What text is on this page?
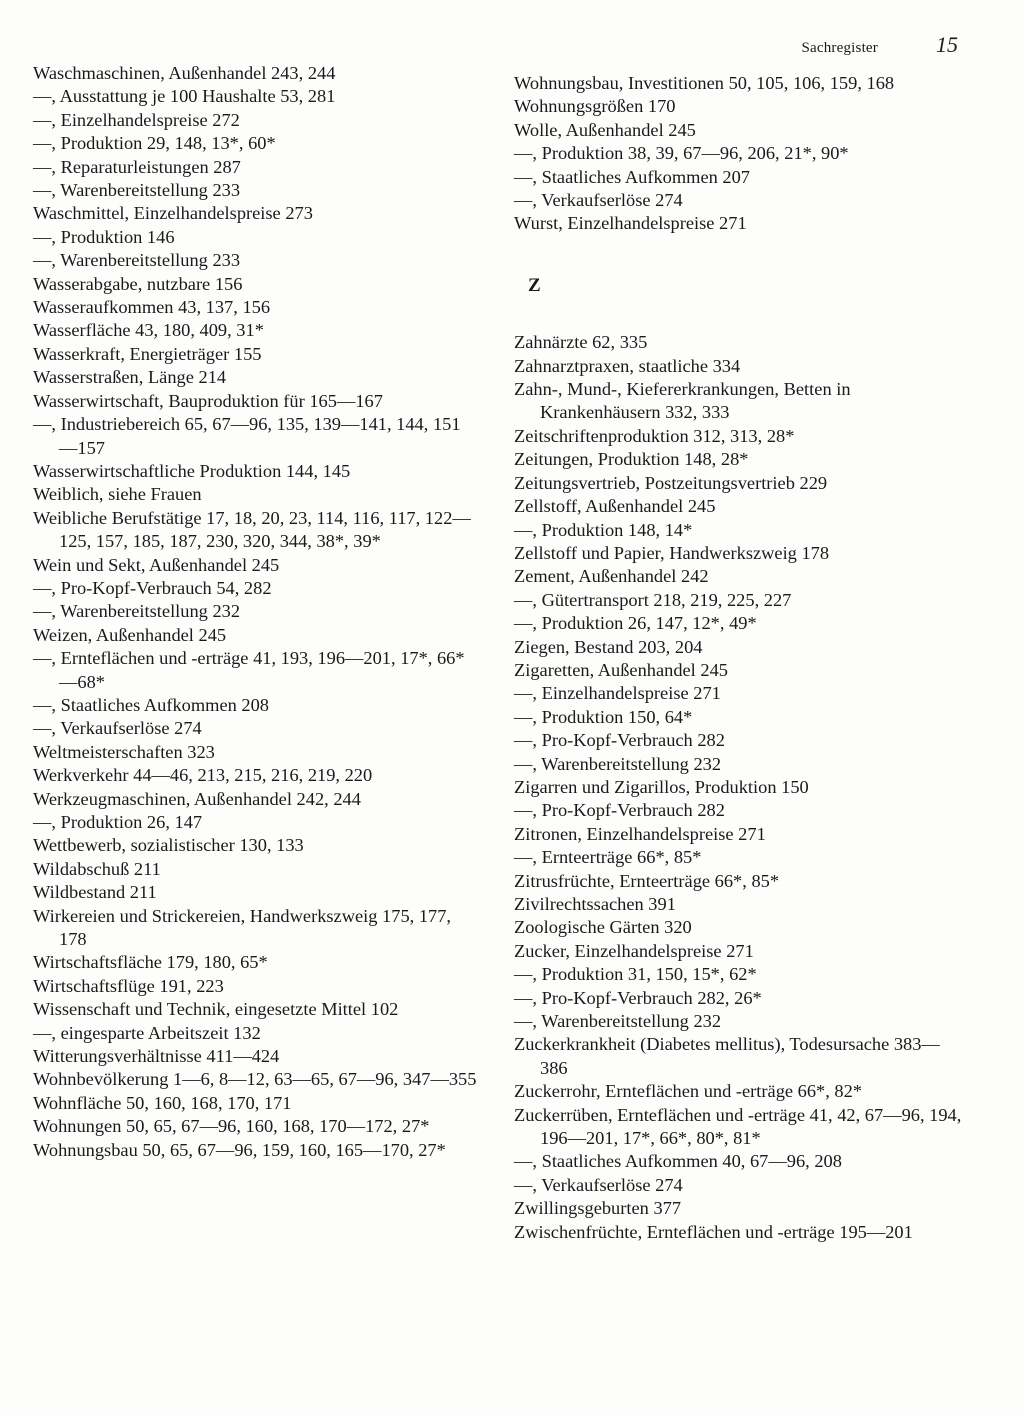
Sachregister	15
Waschmaschinen, Außenhandel 243, 244
—, Ausstattung je 100 Haushalte 53, 281
—, Einzelhandelspreise 272
—, Produktion 29, 148, 13*, 60*
—, Reparaturleistungen 287
—, Warenbereitstellung 233
Waschmittel, Einzelhandelspreise 273
—, Produktion 146
—, Warenbereitstellung 233
Wasserabgabe, nutzbare 156
Wasseraufkommen 43, 137, 156
Wasserfläche 43, 180, 409, 31*
Wasserkraft, Energieträger 155
Wasserstraßen, Länge 214
Wasserwirtschaft, Bauproduktion für 165—167
—, Industriebereich 65, 67—96, 135, 139—141, 144, 151—157
Wasserwirtschaftliche Produktion 144, 145
Weiblich, siehe Frauen
Weibliche Berufstätige 17, 18, 20, 23, 114, 116, 117, 122—125, 157, 185, 187, 230, 320, 344, 38*, 39*
Wein und Sekt, Außenhandel 245
—, Pro-Kopf-Verbrauch 54, 282
—, Warenbereitstellung 232
Weizen, Außenhandel 245
—, Ernteflächen und -erträge 41, 193, 196—201, 17*, 66*—68*
—, Staatliches Aufkommen 208
—, Verkaufserlöse 274
Weltmeisterschaften 323
Werkverkehr 44—46, 213, 215, 216, 219, 220
Werkzeugmaschinen, Außenhandel 242, 244
—, Produktion 26, 147
Wettbewerb, sozialistischer 130, 133
Wildabschuß 211
Wildbestand 211
Wirkereien und Strickereien, Handwerkszweig 175, 177, 178
Wirtschaftsfläche 179, 180, 65*
Wirtschaftsflüge 191, 223
Wissenschaft und Technik, eingesetzte Mittel 102
—, eingesparte Arbeitszeit 132
Witterungsverhältnisse 411—424
Wohnbevölkerung 1—6, 8—12, 63—65, 67—96, 347—355
Wohnfläche 50, 160, 168, 170, 171
Wohnungen 50, 65, 67—96, 160, 168, 170—172, 27*
Wohnungsbau 50, 65, 67—96, 159, 160, 165—170, 27*
Wohnungsbau, Investitionen 50, 105, 106, 159, 168
Wohnungsgrößen 170
Wolle, Außenhandel 245
—, Produktion 38, 39, 67—96, 206, 21*, 90*
—, Staatliches Aufkommen 207
—, Verkaufserlöse 274
Wurst, Einzelhandelspreise 271
Z
Zahnärzte 62, 335
Zahnarztpraxen, staatliche 334
Zahn-, Mund-, Kiefererkrankungen, Betten in Krankenhäusern 332, 333
Zeitschriftenproduktion 312, 313, 28*
Zeitungen, Produktion 148, 28*
Zeitungsvertrieb, Postzeitungsvertrieb 229
Zellstoff, Außenhandel 245
—, Produktion 148, 14*
Zellstoff und Papier, Handwerkszweig 178
Zement, Außenhandel 242
—, Gütertransport 218, 219, 225, 227
—, Produktion 26, 147, 12*, 49*
Ziegen, Bestand 203, 204
Zigaretten, Außenhandel 245
—, Einzelhandelspreise 271
—, Produktion 150, 64*
—, Pro-Kopf-Verbrauch 282
—, Warenbereitstellung 232
Zigarren und Zigarillos, Produktion 150
—, Pro-Kopf-Verbrauch 282
Zitronen, Einzelhandelspreise 271
—, Ernteerträge 66*, 85*
Zitrusfrüchte, Ernteerträge 66*, 85*
Zivilrechtssachen 391
Zoologische Gärten 320
Zucker, Einzelhandelspreise 271
—, Produktion 31, 150, 15*, 62*
—, Pro-Kopf-Verbrauch 282, 26*
—, Warenbereitstellung 232
Zuckerkrankheit (Diabetes mellitus), Todesursache 383—386
Zuckerrohr, Ernteflächen und -erträge 66*, 82*
Zuckerrüben, Ernteflächen und -erträge 41, 42, 67—96, 194, 196—201, 17*, 66*, 80*, 81*
—, Staatliches Aufkommen 40, 67—96, 208
—, Verkaufserlöse 274
Zwillingsgeburten 377
Zwischenfrüchte, Ernteflächen und -erträge 195—201
